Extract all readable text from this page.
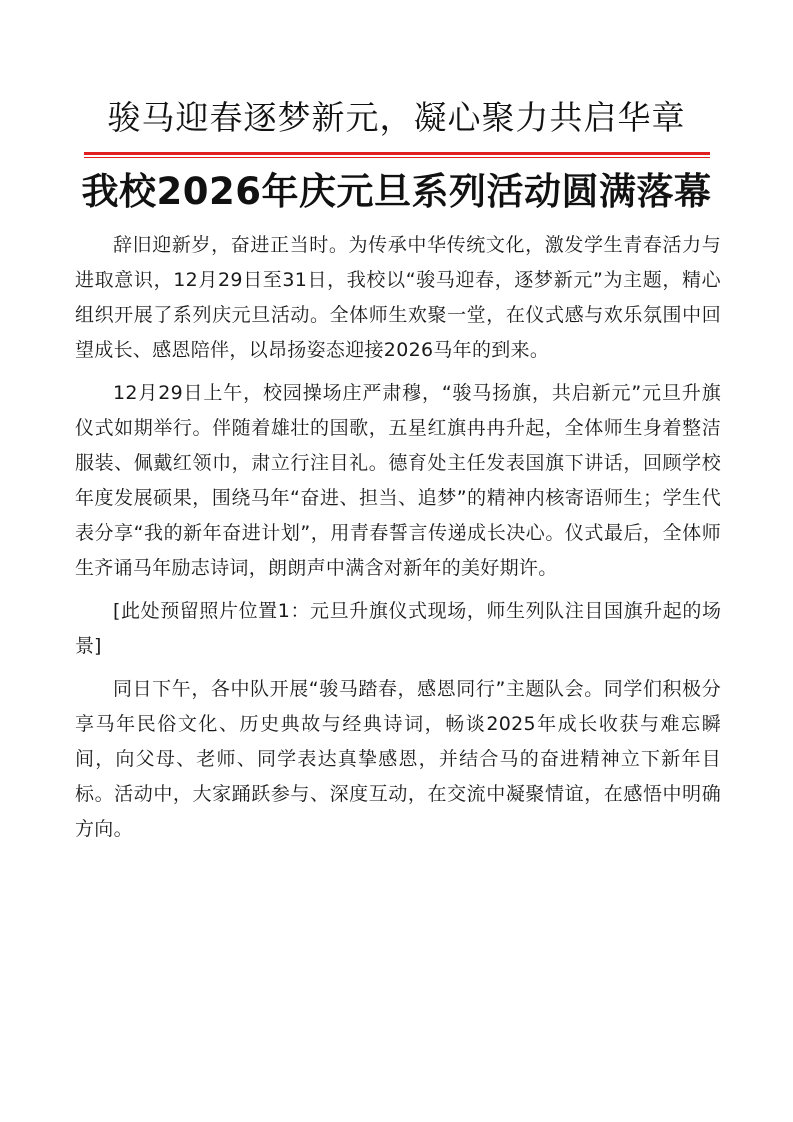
骏马迎春逐梦新元，凝心聚力共启华章
我校2026年庆元旦系列活动圆满落幕

辞旧迎新岁，奋进正当时。为传承中华传统文化，激发学生青春活力与进取意识，12月29日至31日，我校以“骏马迎春，逐梦新元”为主题，精心组织开展了系列庆元旦活动。全体师生欢聚一堂，在仪式感与欢乐氛围中回望成长、感恩陪伴，以昂扬姿态迎接2026马年的到来。

12月29日上午，校园操场庄严肃穆，“骏马扬旗，共启新元”元旦升旗仪式如期举行。伴随着雄壮的国歌，五星红旗冉冉升起，全体师生身着整洁服装、佩戴红领巾，肃立行注目礼。德育处主任发表国旗下讲话，回顾学校年度发展硕果，围绕马年“奋进、担当、追梦”的精神内核寄语师生；学生代表分享“我的新年奋进计划”，用青春誓言传递成长决心。仪式最后，全体师生齐诵马年励志诗词，朗朗声中满含对新年的美好期许。

[此处预留照片位置1：元旦升旗仪式现场，师生列队注目国旗升起的场景]

同日下午，各中队开展“骏马踏春，感恩同行”主题队会。同学们积极分享马年民俗文化、历史典故与经典诗词，畅谈2025年成长收获与难忘瞬间，向父母、老师、同学表达真挚感恩，并结合马的奋进精神立下新年目标。活动中，大家踊跃参与、深度互动，在交流中凝聚情谊，在感悟中明确方向。
